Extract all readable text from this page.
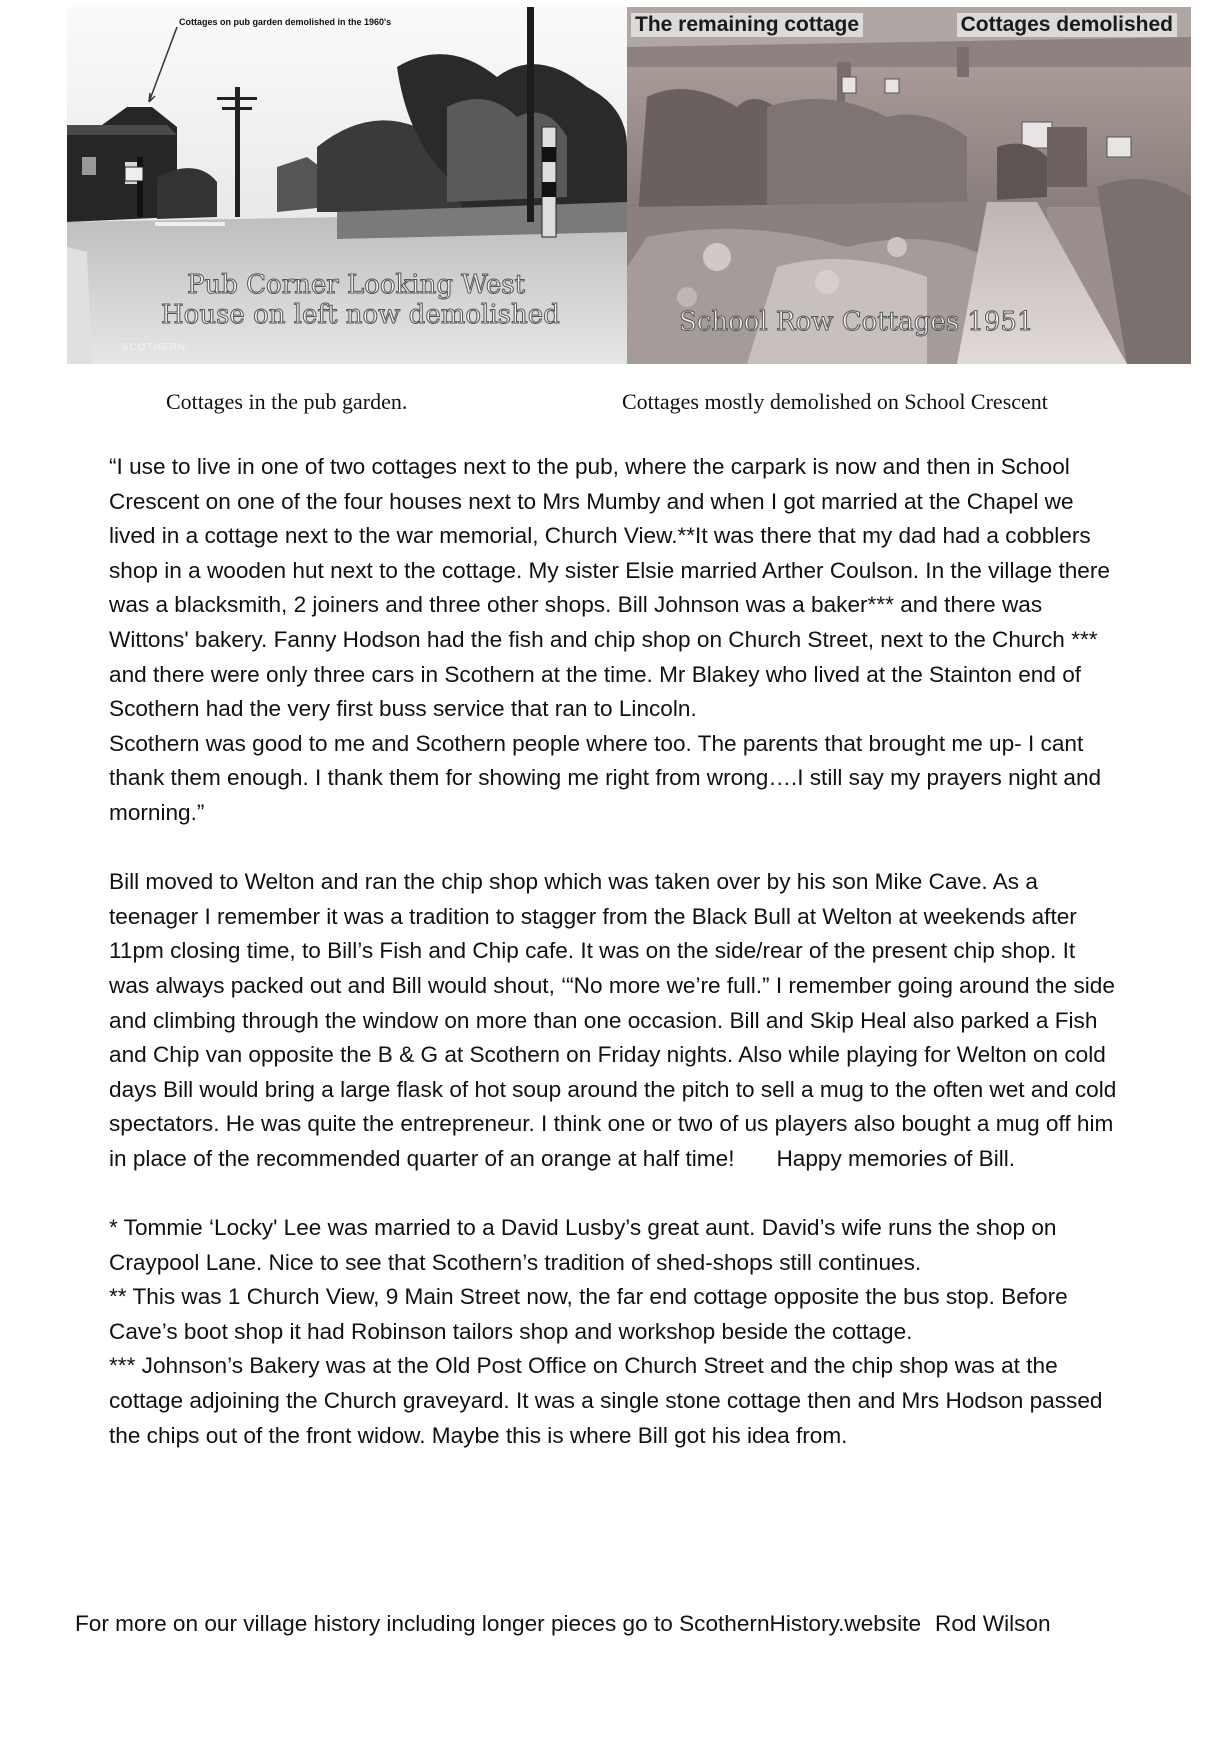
Cottages on pub garden demolished in the 1960's
Pub Corner Looking West
House on left now demolished
SCOTHERN.
The remaining cottage	Cottages demolished
School Row Cottages 1951
Cottages in the pub garden.	Cottages mostly demolished on School Crescent

“I use to live in one of two cottages next to the pub, where the carpark is now and then in School Crescent on one of the four houses next to Mrs Mumby and when I got married at the Chapel we lived in a cottage next to the war memorial, Church View.**It was there that my dad had a cobblers shop in a wooden hut next to the cottage. My sister Elsie married Arther Coulson. In the village there was a blacksmith, 2 joiners and three other shops. Bill Johnson was a baker*** and there was Wittons' bakery. Fanny Hodson had the fish and chip shop on Church Street, next to the Church *** and there were only three cars in Scothern at the time. Mr Blakey who lived at the Stainton end of Scothern had the very first buss service that ran to Lincoln.

Scothern was good to me and Scothern people where too. The parents that brought me up- I cant thank them enough. I thank them for showing me right from wrong….I still say my prayers night and morning.”

Bill moved to Welton and ran the chip shop which was taken over by his son Mike Cave. As a teenager I remember it was a tradition to stagger from the Black Bull at Welton at weekends after 11pm closing time, to Bill’s Fish and Chip cafe. It was on the side/rear of the present chip shop. It was always packed out and Bill would shout, ‘“No more we’re full.” I remember going around the side and climbing through the window on more than one occasion. Bill and Skip Heal also parked a Fish and Chip van opposite the B & G at Scothern on Friday nights. Also while playing for Welton on cold days Bill would bring a large flask of hot soup around the pitch to sell a mug to the often wet and cold spectators. He was quite the entrepreneur. I think one or two of us players also bought a mug off him in place of the recommended quarter of an orange at half time! Happy memories of Bill.

* Tommie ‘Locky' Lee was married to a David Lusby’s great aunt. David’s wife runs the shop on Craypool Lane. Nice to see that Scothern’s tradition of shed-shops still continues.

** This was 1 Church View, 9 Main Street now, the far end cottage opposite the bus stop. Before Cave’s boot shop it had Robinson tailors shop and workshop beside the cottage.

*** Johnson’s Bakery was at the Old Post Office on Church Street and the chip shop was at the cottage adjoining the Church graveyard. It was a single stone cottage then and Mrs Hodson passed the chips out of the front widow. Maybe this is where Bill got his idea from.

For more on our village history including longer pieces go to ScothernHistory.website Rod Wilson
